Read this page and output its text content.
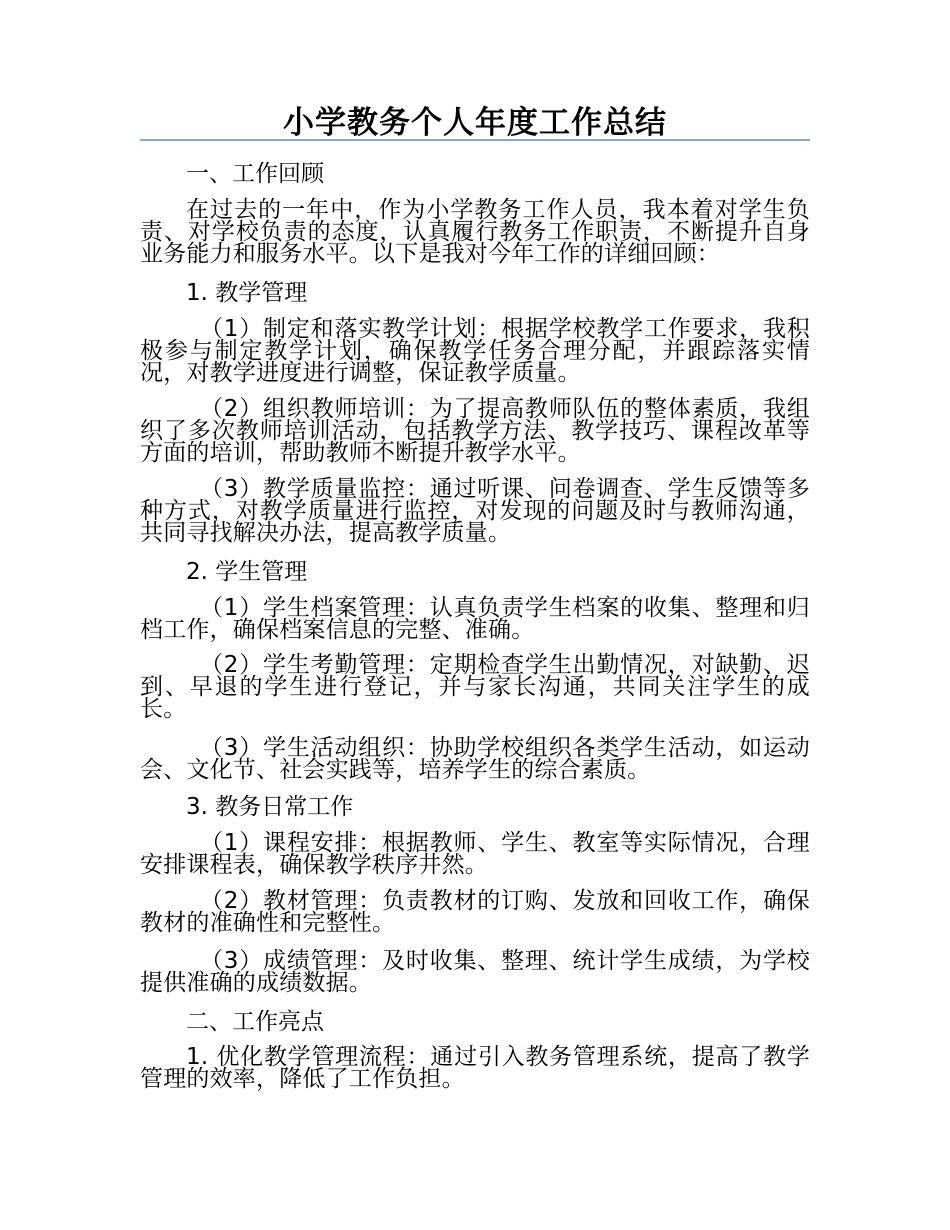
小学教务个人年度工作总结
一、工作回顾
在过去的一年中，作为小学教务工作人员，我本着对学生负责、对学校负责的态度，认真履行教务工作职责，不断提升自身业务能力和服务水平。以下是我对今年工作的详细回顾：
1. 教学管理
（1）制定和落实教学计划：根据学校教学工作要求，我积极参与制定教学计划，确保教学任务合理分配，并跟踪落实情况，对教学进度进行调整，保证教学质量。
（2）组织教师培训：为了提高教师队伍的整体素质，我组织了多次教师培训活动，包括教学方法、教学技巧、课程改革等方面的培训，帮助教师不断提升教学水平。
（3）教学质量监控：通过听课、问卷调查、学生反馈等多种方式，对教学质量进行监控，对发现的问题及时与教师沟通，共同寻找解决办法，提高教学质量。
2. 学生管理
（1）学生档案管理：认真负责学生档案的收集、整理和归档工作，确保档案信息的完整、准确。
（2）学生考勤管理：定期检查学生出勤情况，对缺勤、迟到、早退的学生进行登记，并与家长沟通，共同关注学生的成长。
（3）学生活动组织：协助学校组织各类学生活动，如运动会、文化节、社会实践等，培养学生的综合素质。
3. 教务日常工作
（1）课程安排：根据教师、学生、教室等实际情况，合理安排课程表，确保教学秩序井然。
（2）教材管理：负责教材的订购、发放和回收工作，确保教材的准确性和完整性。
（3）成绩管理：及时收集、整理、统计学生成绩，为学校提供准确的成绩数据。
二、工作亮点
1. 优化教学管理流程：通过引入教务管理系统，提高了教学管理的效率，降低了工作负担。
